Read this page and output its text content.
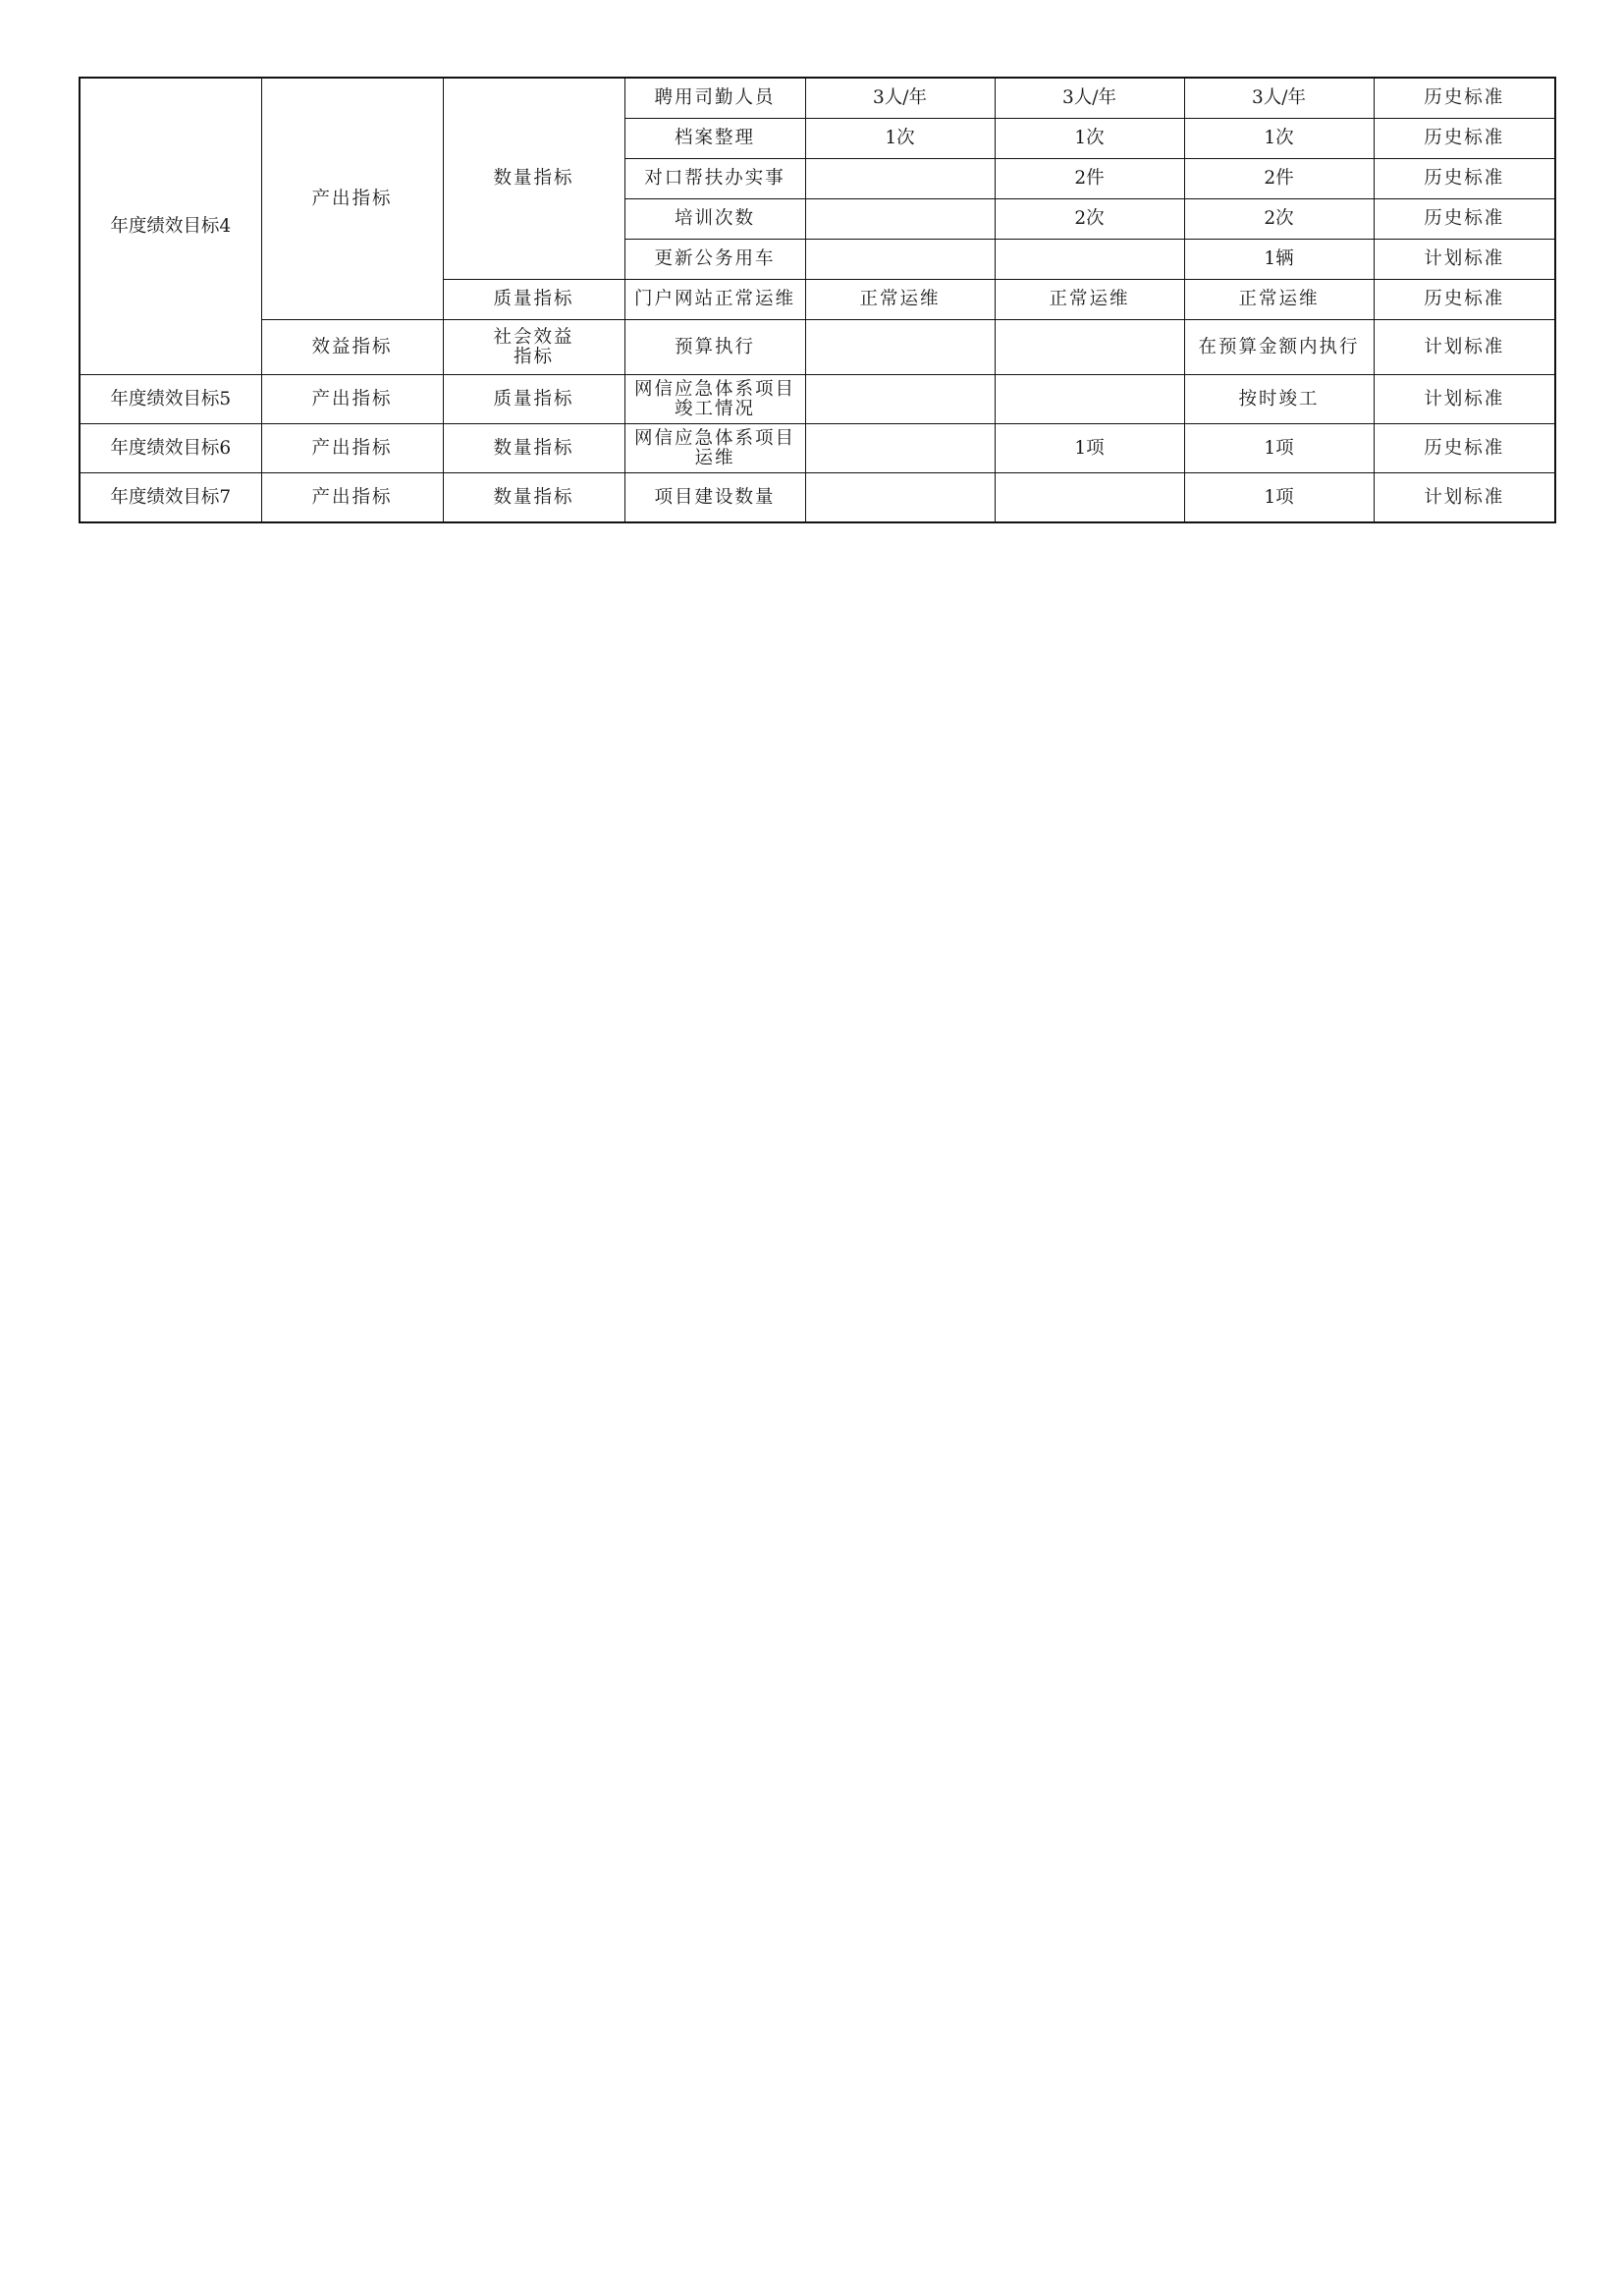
年度绩效目标4	产出指标	数量指标	聘用司勤人员	3人/年	3人/年	3人/年	历史标准
			档案整理	1次	1次	1次	历史标准
			对口帮扶办实事		2件	2件	历史标准
			培训次数		2次	2次	历史标准
			更新公务用车			1辆	计划标准
		质量指标	门户网站正常运维	正常运维	正常运维	正常运维	历史标准
	效益指标	社会效益指标	预算执行			在预算金额内执行	计划标准
年度绩效目标5	产出指标	质量指标	网信应急体系项目竣工情况			按时竣工	计划标准
年度绩效目标6	产出指标	数量指标	网信应急体系项目运维		1项	1项	历史标准
年度绩效目标7	产出指标	数量指标	项目建设数量			1项	计划标准
